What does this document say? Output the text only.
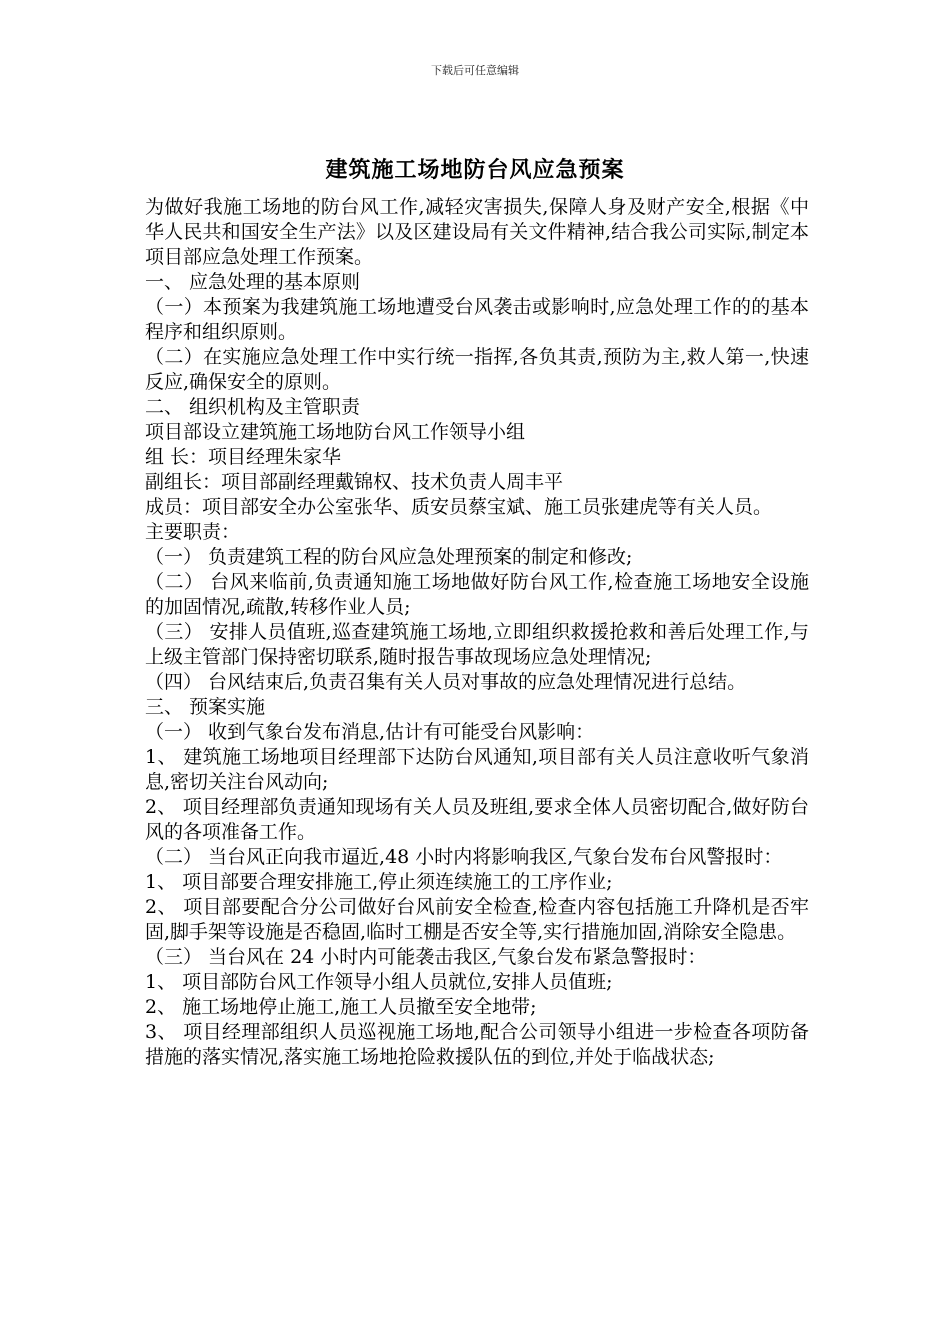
下载后可任意编辑
建筑施工场地防台风应急预案

为做好我施工场地的防台风工作,减轻灾害损失,保障人身及财产安全,根据《中华人民共和国安全生产法》以及区建设局有关文件精神,结合我公司实际,制定本项目部应急处理工作预案。

一、 应急处理的基本原则

（一）本预案为我建筑施工场地遭受台风袭击或影响时,应急处理工作的的基本程序和组织原则。

（二）在实施应急处理工作中实行统一指挥,各负其责,预防为主,救人第一,快速反应,确保安全的原则。

二、 组织机构及主管职责

项目部设立建筑施工场地防台风工作领导小组

组 长：项目经理朱家华

副组长：项目部副经理戴锦权、技术负责人周丰平

成员：项目部安全办公室张华、质安员蔡宝斌、施工员张建虎等有关人员。

主要职责：

（一） 负责建筑工程的防台风应急处理预案的制定和修改;

（二） 台风来临前,负责通知施工场地做好防台风工作,检查施工场地安全设施的加固情况,疏散,转移作业人员;

（三） 安排人员值班,巡查建筑施工场地,立即组织救援抢救和善后处理工作,与上级主管部门保持密切联系,随时报告事故现场应急处理情况;

（四） 台风结束后,负责召集有关人员对事故的应急处理情况进行总结。

三、 预案实施

（一） 收到气象台发布消息,估计有可能受台风影响：

1、 建筑施工场地项目经理部下达防台风通知,项目部有关人员注意收听气象消息,密切关注台风动向;

2、 项目经理部负责通知现场有关人员及班组,要求全体人员密切配合,做好防台风的各项准备工作。

（二） 当台风正向我市逼近,48 小时内将影响我区,气象台发布台风警报时：

1、 项目部要合理安排施工,停止须连续施工的工序作业;

2、 项目部要配合分公司做好台风前安全检查,检查内容包括施工升降机是否牢固,脚手架等设施是否稳固,临时工棚是否安全等,实行措施加固,消除安全隐患。

（三） 当台风在 24 小时内可能袭击我区,气象台发布紧急警报时：

1、 项目部防台风工作领导小组人员就位,安排人员值班;

2、 施工场地停止施工,施工人员撤至安全地带;

3、 项目经理部组织人员巡视施工场地,配合公司领导小组进一步检查各项防备措施的落实情况,落实施工场地抢险救援队伍的到位,并处于临战状态;
